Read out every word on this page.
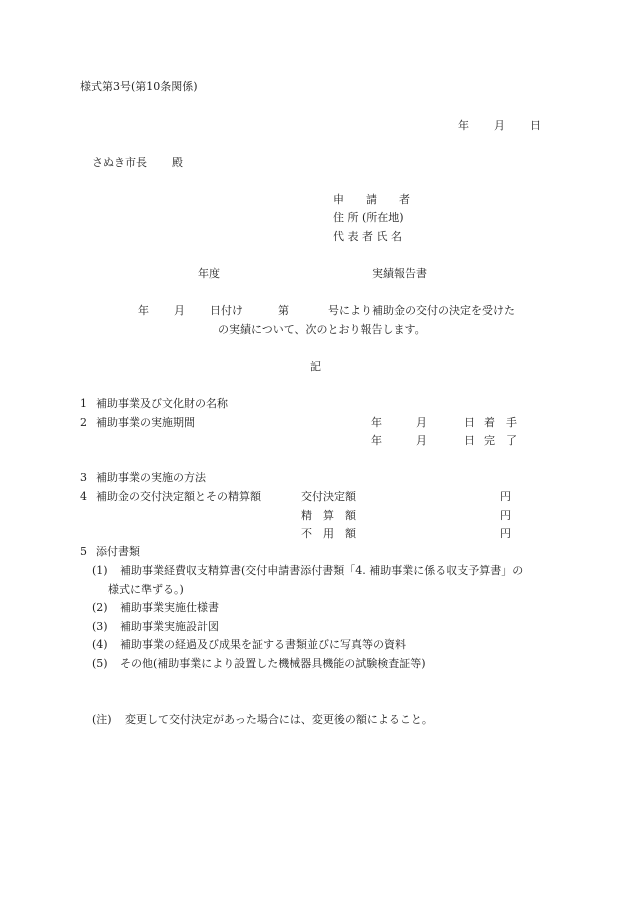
様式第3号(第10条関係)
年 月 日
さぬき市長 殿
申　　請　　者
住 所 (所在地)
代 表 者 氏 名
年度	実績報告書
年 月 日付け	第	号により補助金の交付の決定を受けた
の実績について、次のとおり報告します。
記
1 補助事業及び文化財の名称
2 補助事業の実施期間	年	月	日 着　手
年	月	日 完　了
3 補助事業の実施の方法
4 補助金の交付決定額とその精算額	交付決定額	円
精　算　額	円
不　用　額	円
5 添付書類
(1) 補助事業経費収支精算書(交付申請書添付書類「4. 補助事業に係る収支予算書」の
様式に準ずる。)
(2) 補助事業実施仕様書
(3) 補助事業実施設計図
(4) 補助事業の経過及び成果を証する書類並びに写真等の資料
(5) その他(補助事業により設置した機械器具機能の試験検査証等)
(注) 変更して交付決定があった場合には、変更後の額によること。
